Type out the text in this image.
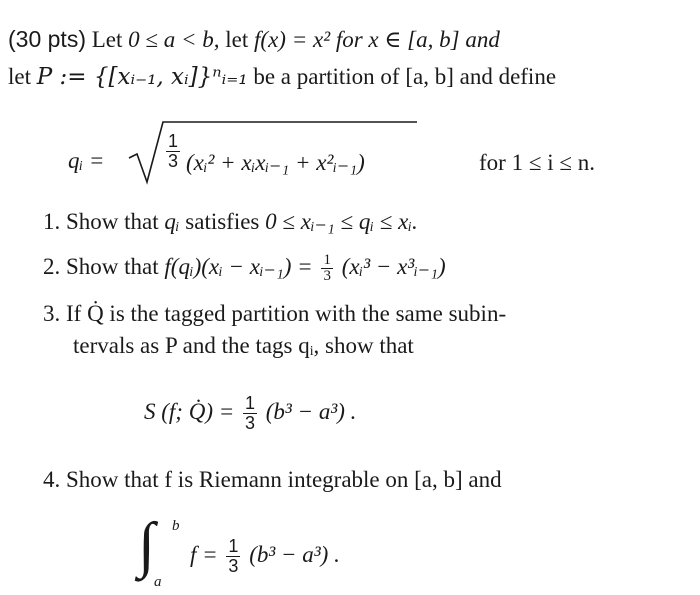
(30 pts) Let 0 ≤ a < b, let f(x) = x² for x ∈ [a, b] and
let P := {[xᵢ₋₁, xᵢ]}ⁿᵢ₌₁ be a partition of [a, b] and define
qᵢ =	$\frac{1}{3}$ (xᵢ² + xᵢxᵢ₋₁ + x²ᵢ₋₁)	for 1 ≤ i ≤ n.
1. Show that qᵢ satisfies 0 ≤ xᵢ₋₁ ≤ qᵢ ≤ xᵢ.
2. Show that f(qᵢ)(xᵢ − xᵢ₋₁) = $\frac{1}{3}$ (xᵢ³ − x³ᵢ₋₁)
3. If Q̇ is the tagged partition with the same subin-
tervals as P and the tags qᵢ, show that
S (f; Q̇) = $\frac{1}{3} (b^3 - a^3)$ .
4. Show that f is Riemann integrable on [a, b] and
∫ b
a
$f = \frac{1}{3} (b^3 - a^3)$ .
